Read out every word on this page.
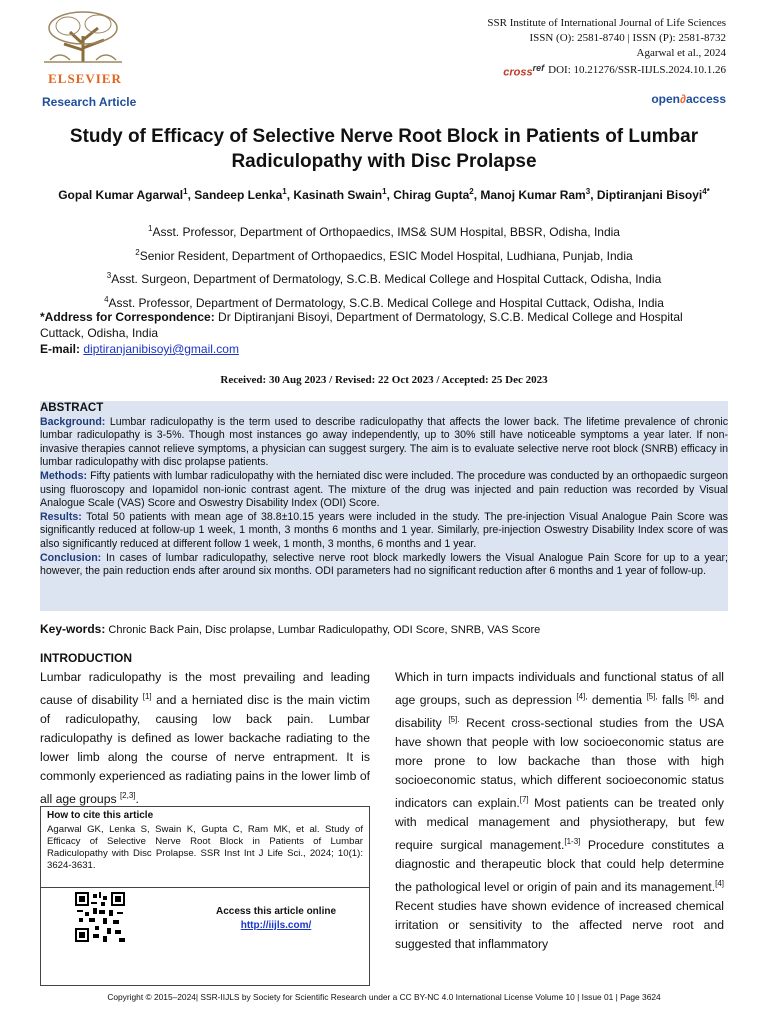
ELSEVIER
SSR Institute of International Journal of Life Sciences
ISSN (O): 2581-8740 | ISSN (P): 2581-8732
Agarwal et al., 2024
cross$^{ref}$ DOI: 10.21276/SSR-IIJLS.2024.10.1.26
Research Article	open∂access
Study of Efficacy of Selective Nerve Root Block in Patients of Lumbar Radiculopathy with Disc Prolapse
Gopal Kumar Agarwal$^1$, Sandeep Lenka$^1$, Kasinath Swain$^1$, Chirag Gupta$^2$, Manoj Kumar Ram$^3$, Diptiranjani Bisoyi$^{4*}$
$^1$Asst. Professor, Department of Orthopaedics, IMS& SUM Hospital, BBSR, Odisha, India
$^2$Senior Resident, Department of Orthopaedics, ESIC Model Hospital, Ludhiana, Punjab, India
$^3$Asst. Surgeon, Department of Dermatology, S.C.B. Medical College and Hospital Cuttack, Odisha, India
$^4$Asst. Professor, Department of Dermatology, S.C.B. Medical College and Hospital Cuttack, Odisha, India
*Address for Correspondence: Dr Diptiranjani Bisoyi, Department of Dermatology, S.C.B. Medical College and Hospital Cuttack, Odisha, India
E-mail: diptiranjanibisoyi@gmail.com
Received: 30 Aug 2023 / Revised: 22 Oct 2023 / Accepted: 25 Dec 2023
ABSTRACT
Background: Lumbar radiculopathy is the term used to describe radiculopathy that affects the lower back. The lifetime prevalence of chronic lumbar radiculopathy is 3-5%. Though most instances go away independently, up to 30% still have noticeable symptoms a year later. If non-invasive therapies cannot relieve symptoms, a physician can suggest surgery. The aim is to evaluate selective nerve root block (SNRB) efficacy in lumbar radiculopathy with disc prolapse patients.
Methods: Fifty patients with lumbar radiculopathy with the herniated disc were included. The procedure was conducted by an orthopaedic surgeon using fluoroscopy and Iopamidol non-ionic contrast agent. The mixture of the drug was injected and pain reduction was recorded by Visual Analogue Scale (VAS) Score and Oswestry Disability Index (ODI) Score.
Results: Total 50 patients with mean age of 38.8±10.15 years were included in the study. The pre-injection Visual Analogue Pain Score was significantly reduced at follow-up 1 week, 1 month, 3 months 6 months and 1 year. Similarly, pre-injection Oswestry Disability Index score of was also significantly reduced at different follow 1 week, 1 month, 3 months, 6 months and 1 year.
Conclusion: In cases of lumbar radiculopathy, selective nerve root block markedly lowers the Visual Analogue Pain Score for up to a year; however, the pain reduction ends after around six months. ODI parameters had no significant reduction after 6 months and 1 year of follow-up.
Key-words: Chronic Back Pain, Disc prolapse, Lumbar Radiculopathy, ODI Score, SNRB, VAS Score
INTRODUCTION
Lumbar radiculopathy is the most prevailing and leading cause of disability [1] and a herniated disc is the main victim of radiculopathy, causing low back pain. Lumbar radiculopathy is defined as lower backache radiating to the lower limb along the course of nerve entrapment. It is commonly experienced as radiating pains in the lower limb of all age groups [2,3].
Which in turn impacts individuals and functional status of all age groups, such as depression $^{[4],}$ dementia $^{[5],}$ falls $^{[6],}$ and disability $^{[5].}$ Recent cross-sectional studies from the USA have shown that people with low socioeconomic status are more prone to low backache than those with high socioeconomic status, which different socioeconomic status indicators can explain.[7] Most patients can be treated only with medical management and physiotherapy, but few require surgical management.[1-3] Procedure constitutes a diagnostic and therapeutic block that could help determine the pathological level or origin of pain and its management.[4] Recent studies have shown evidence of increased chemical irritation or sensitivity to the affected nerve root and suggested that inflammatory
How to cite this article
Agarwal GK, Lenka S, Swain K, Gupta C, Ram MK, et al. Study of Efficacy of Selective Nerve Root Block in Patients of Lumbar Radiculopathy with Disc Prolapse. SSR Inst Int J Life Sci., 2024; 10(1): 3624-3631.
Access this article online
http://iijls.com/
Copyright © 2015–2024| SSR-IIJLS by Society for Scientific Research under a CC BY-NC 4.0 International License Volume 10 | Issue 01 | Page 3624
